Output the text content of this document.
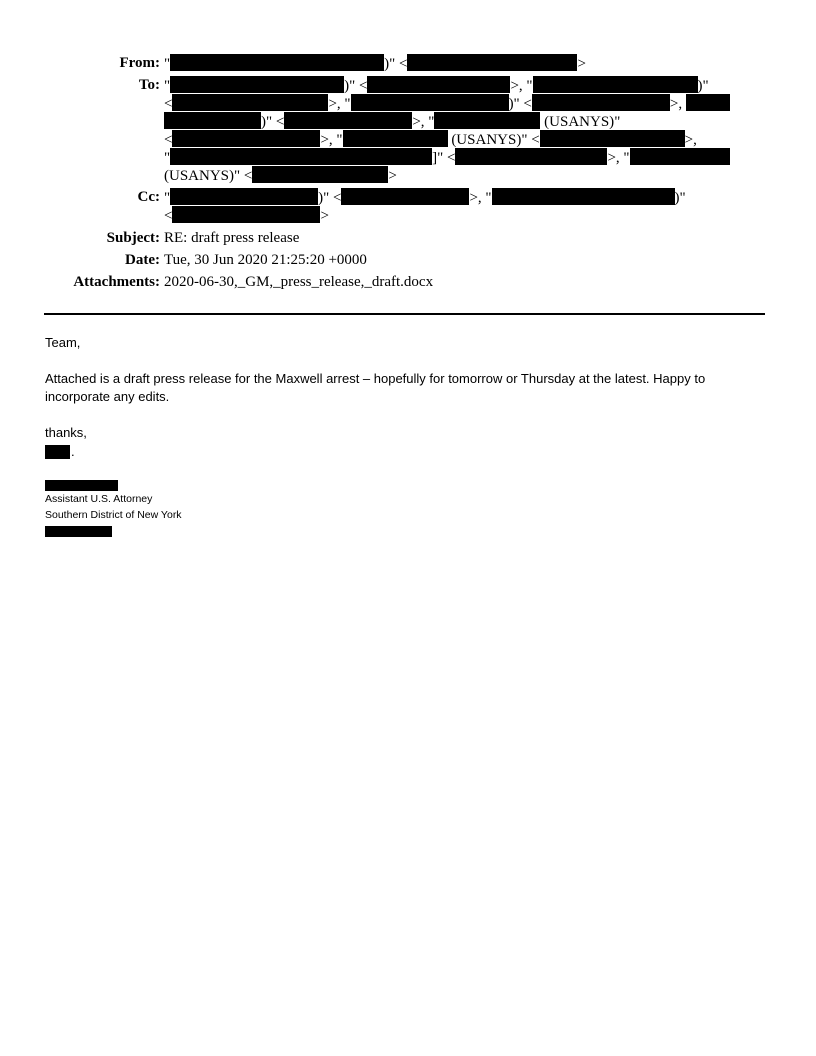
From: "	)" <	>
To: "	)" <	>, "	)"
<	>, "	)" <	>,
)" <	>, "	(USANYS)"
<	>, "	(USANYS)" <	>,
"	]" <	>, "
(USANYS)" <	>
Cc: "	)" <	>, "	)"
<	>
Subject: RE: draft press release
Date: Tue, 30 Jun 2020 21:25:20 +0000
Attachments: 2020-06-30,_GM,_press_release,_draft.docx
Team,
Attached is a draft press release for the Maxwell arrest – hopefully for tomorrow or Thursday at the latest. Happy to incorporate any edits.
thanks,
.
Assistant U.S. Attorney
Southern District of New York
